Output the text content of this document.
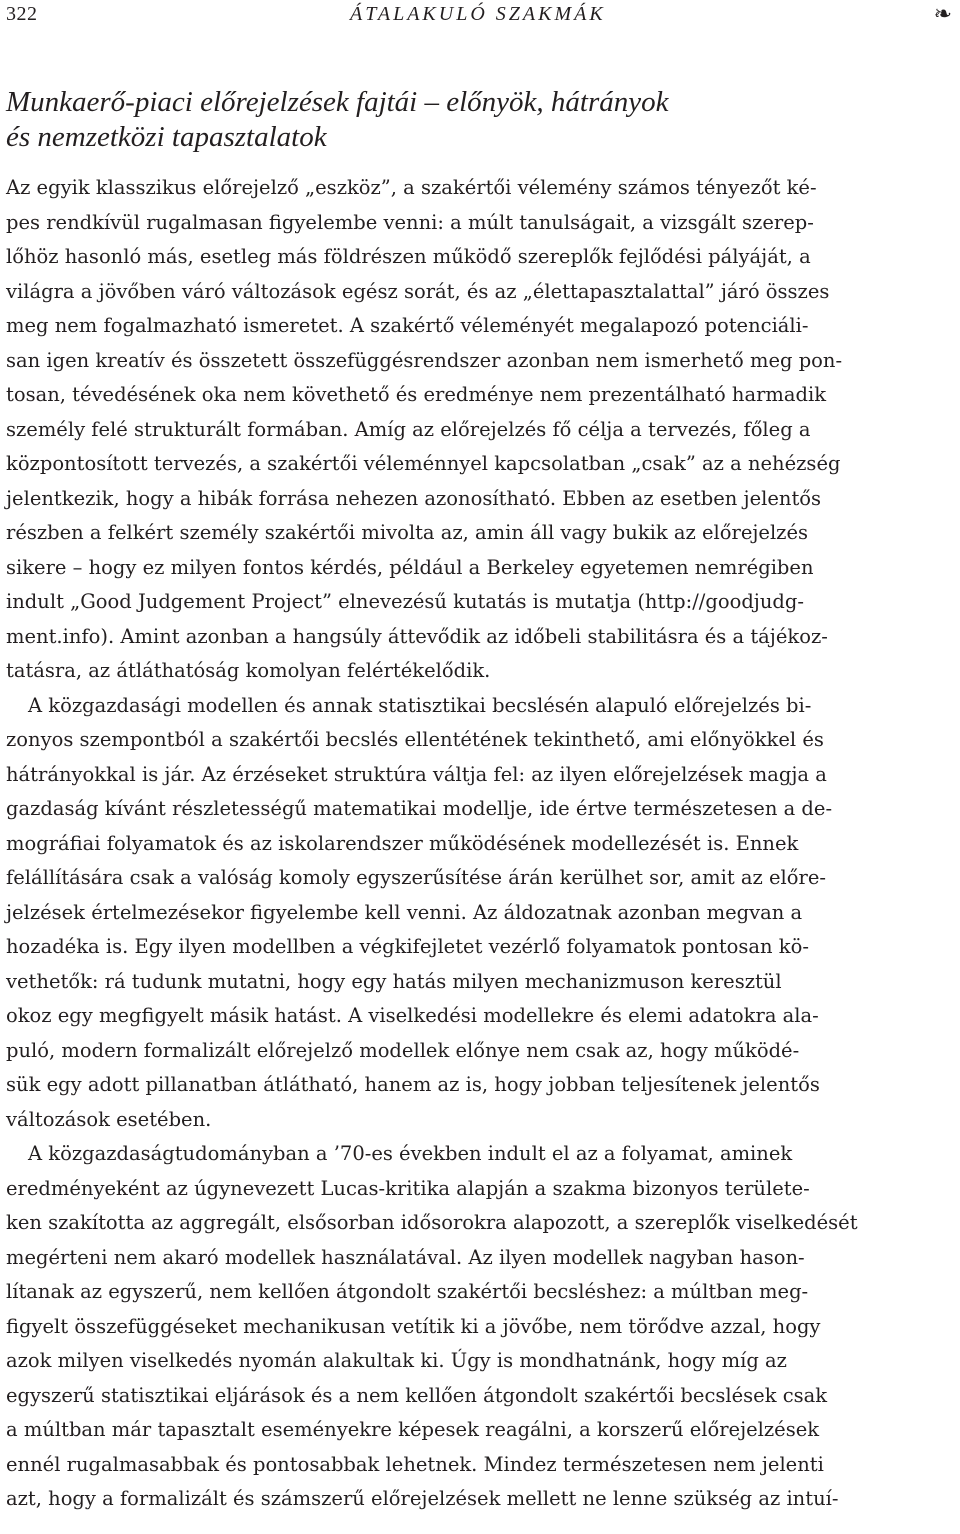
322	ÁTALAKULÓ SZAKMÁK	❧
Munkaerő-piaci előrejelzések fajtái – előnyök, hátrányok
és nemzetközi tapasztalatok
Az egyik klasszikus előrejelző „eszköz”, a szakértői vélemény számos tényezőt ké-
pes rendkívül rugalmasan figyelembe venni: a múlt tanulságait, a vizsgált szerep-
lőhöz hasonló más, esetleg más földrészen működő szereplők fejlődési pályáját, a
világra a jövőben váró változások egész sorát, és az „élettapasztalattal” járó összes
meg nem fogalmazható ismeretet. A szakértő véleményét megalapozó potenciáli-
san igen kreatív és összetett összefüggésrendszer azonban nem ismerhető meg pon-
tosan, tévedésének oka nem követhető és eredménye nem prezentálható harmadik
személy felé strukturált formában. Amíg az előrejelzés fő célja a tervezés, főleg a
központosított tervezés, a szakértői véleménnyel kapcsolatban „csak” az a nehézség
jelentkezik, hogy a hibák forrása nehezen azonosítható. Ebben az esetben jelentős
részben a felkért személy szakértői mivolta az, amin áll vagy bukik az előrejelzés
sikere – hogy ez milyen fontos kérdés, például a Berkeley egyetemen nemrégiben
indult „Good Judgement Project” elnevezésű kutatás is mutatja (http://goodjudg-
ment.info). Amint azonban a hangsúly áttevődik az időbeli stabilitásra és a tájékoz-
tatásra, az átláthatóság komolyan felértékelődik.
A közgazdasági modellen és annak statisztikai becslésén alapuló előrejelzés bi-
zonyos szempontból a szakértői becslés ellentétének tekinthető, ami előnyökkel és
hátrányokkal is jár. Az érzéseket struktúra váltja fel: az ilyen előrejelzések magja a
gazdaság kívánt részletességű matematikai modellje, ide értve természetesen a de-
mográfiai folyamatok és az iskolarendszer működésének modellezését is. Ennek
felállítására csak a valóság komoly egyszerűsítése árán kerülhet sor, amit az előre-
jelzések értelmezésekor figyelembe kell venni. Az áldozatnak azonban megvan a
hozadéka is. Egy ilyen modellben a végkifejletet vezérlő folyamatok pontosan kö-
vethetők: rá tudunk mutatni, hogy egy hatás milyen mechanizmuson keresztül
okoz egy megfigyelt másik hatást. A viselkedési modellekre és elemi adatokra ala-
puló, modern formalizált előrejelző modellek előnye nem csak az, hogy működé-
sük egy adott pillanatban átlátható, hanem az is, hogy jobban teljesítenek jelentős
változások esetében.
A közgazdaságtudományban a ’70-es években indult el az a folyamat, aminek
eredményeként az úgynevezett Lucas-kritika alapján a szakma bizonyos területe-
ken szakította az aggregált, elsősorban idősorokra alapozott, a szereplők viselkedését
megérteni nem akaró modellek használatával. Az ilyen modellek nagyban hason-
lítanak az egyszerű, nem kellően átgondolt szakértői becsléshez: a múltban meg-
figyelt összefüggéseket mechanikusan vetítik ki a jövőbe, nem törődve azzal, hogy
azok milyen viselkedés nyomán alakultak ki. Úgy is mondhatnánk, hogy míg az
egyszerű statisztikai eljárások és a nem kellően átgondolt szakértői becslések csak
a múltban már tapasztalt eseményekre képesek reagálni, a korszerű előrejelzések
ennél rugalmasabbak és pontosabbak lehetnek. Mindez természetesen nem jelenti
azt, hogy a formalizált és számszerű előrejelzések mellett ne lenne szükség az intuí-
